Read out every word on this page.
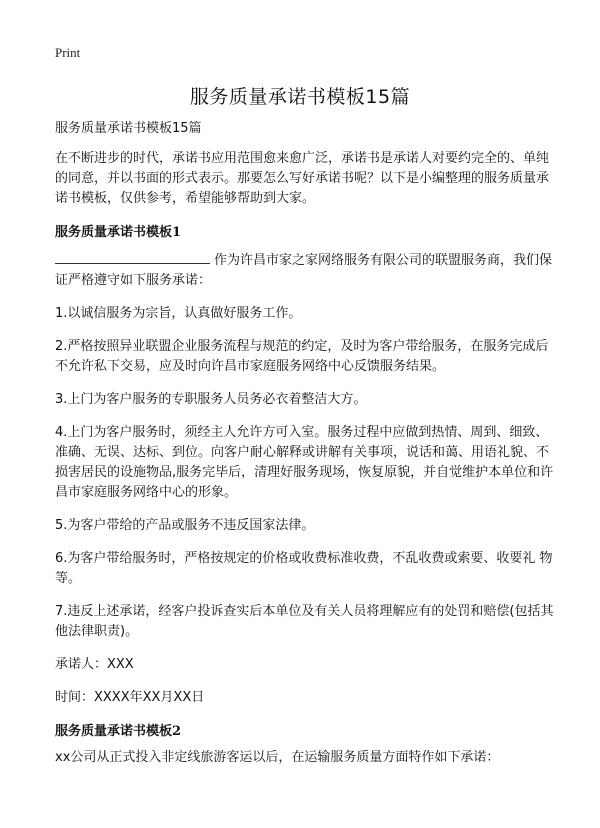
Print
服务质量承诺书模板15篇

服务质量承诺书模板15篇

在不断进步的时代，承诺书应用范围愈来愈广泛，承诺书是承诺人对要约完全的、单纯的同意，并以书面的形式表示。那要怎么写好承诺书呢？以下是小编整理的服务质量承诺书模板，仅供参考，希望能够帮助到大家。

服务质量承诺书模板1

作为许昌市家之家网络服务有限公司的联盟服务商，我们保证严格遵守如下服务承诺：

1.以诚信服务为宗旨，认真做好服务工作。

2.严格按照异业联盟企业服务流程与规范的约定，及时为客户带给服务，在服务完成后不允许私下交易，应及时向许昌市家庭服务网络中心反馈服务结果。

3.上门为客户服务的专职服务人员务必衣着整洁大方。

4.上门为客户服务时，须经主人允许方可入室。服务过程中应做到热情、周到、细致、准确、无误、达标、到位。向客户耐心解释或讲解有关事项，说话和蔼、用语礼貌、不损害居民的设施物品,服务完毕后，清理好服务现场，恢复原貌，并自觉维护本单位和许昌市家庭服务网络中心的形象。

5.为客户带给的产品或服务不违反国家法律。

6.为客户带给服务时，严格按规定的价格或收费标准收费，不乱收费或索要、收要礼 物等。

7.违反上述承诺，经客户投诉查实后本单位及有关人员将理解应有的处罚和赔偿(包括其他法律职责)。

承诺人：XXX

时间：XXXX年XX月XX日

服务质量承诺书模板2

xx公司从正式投入非定线旅游客运以后，在运输服务质量方面特作如下承诺：
